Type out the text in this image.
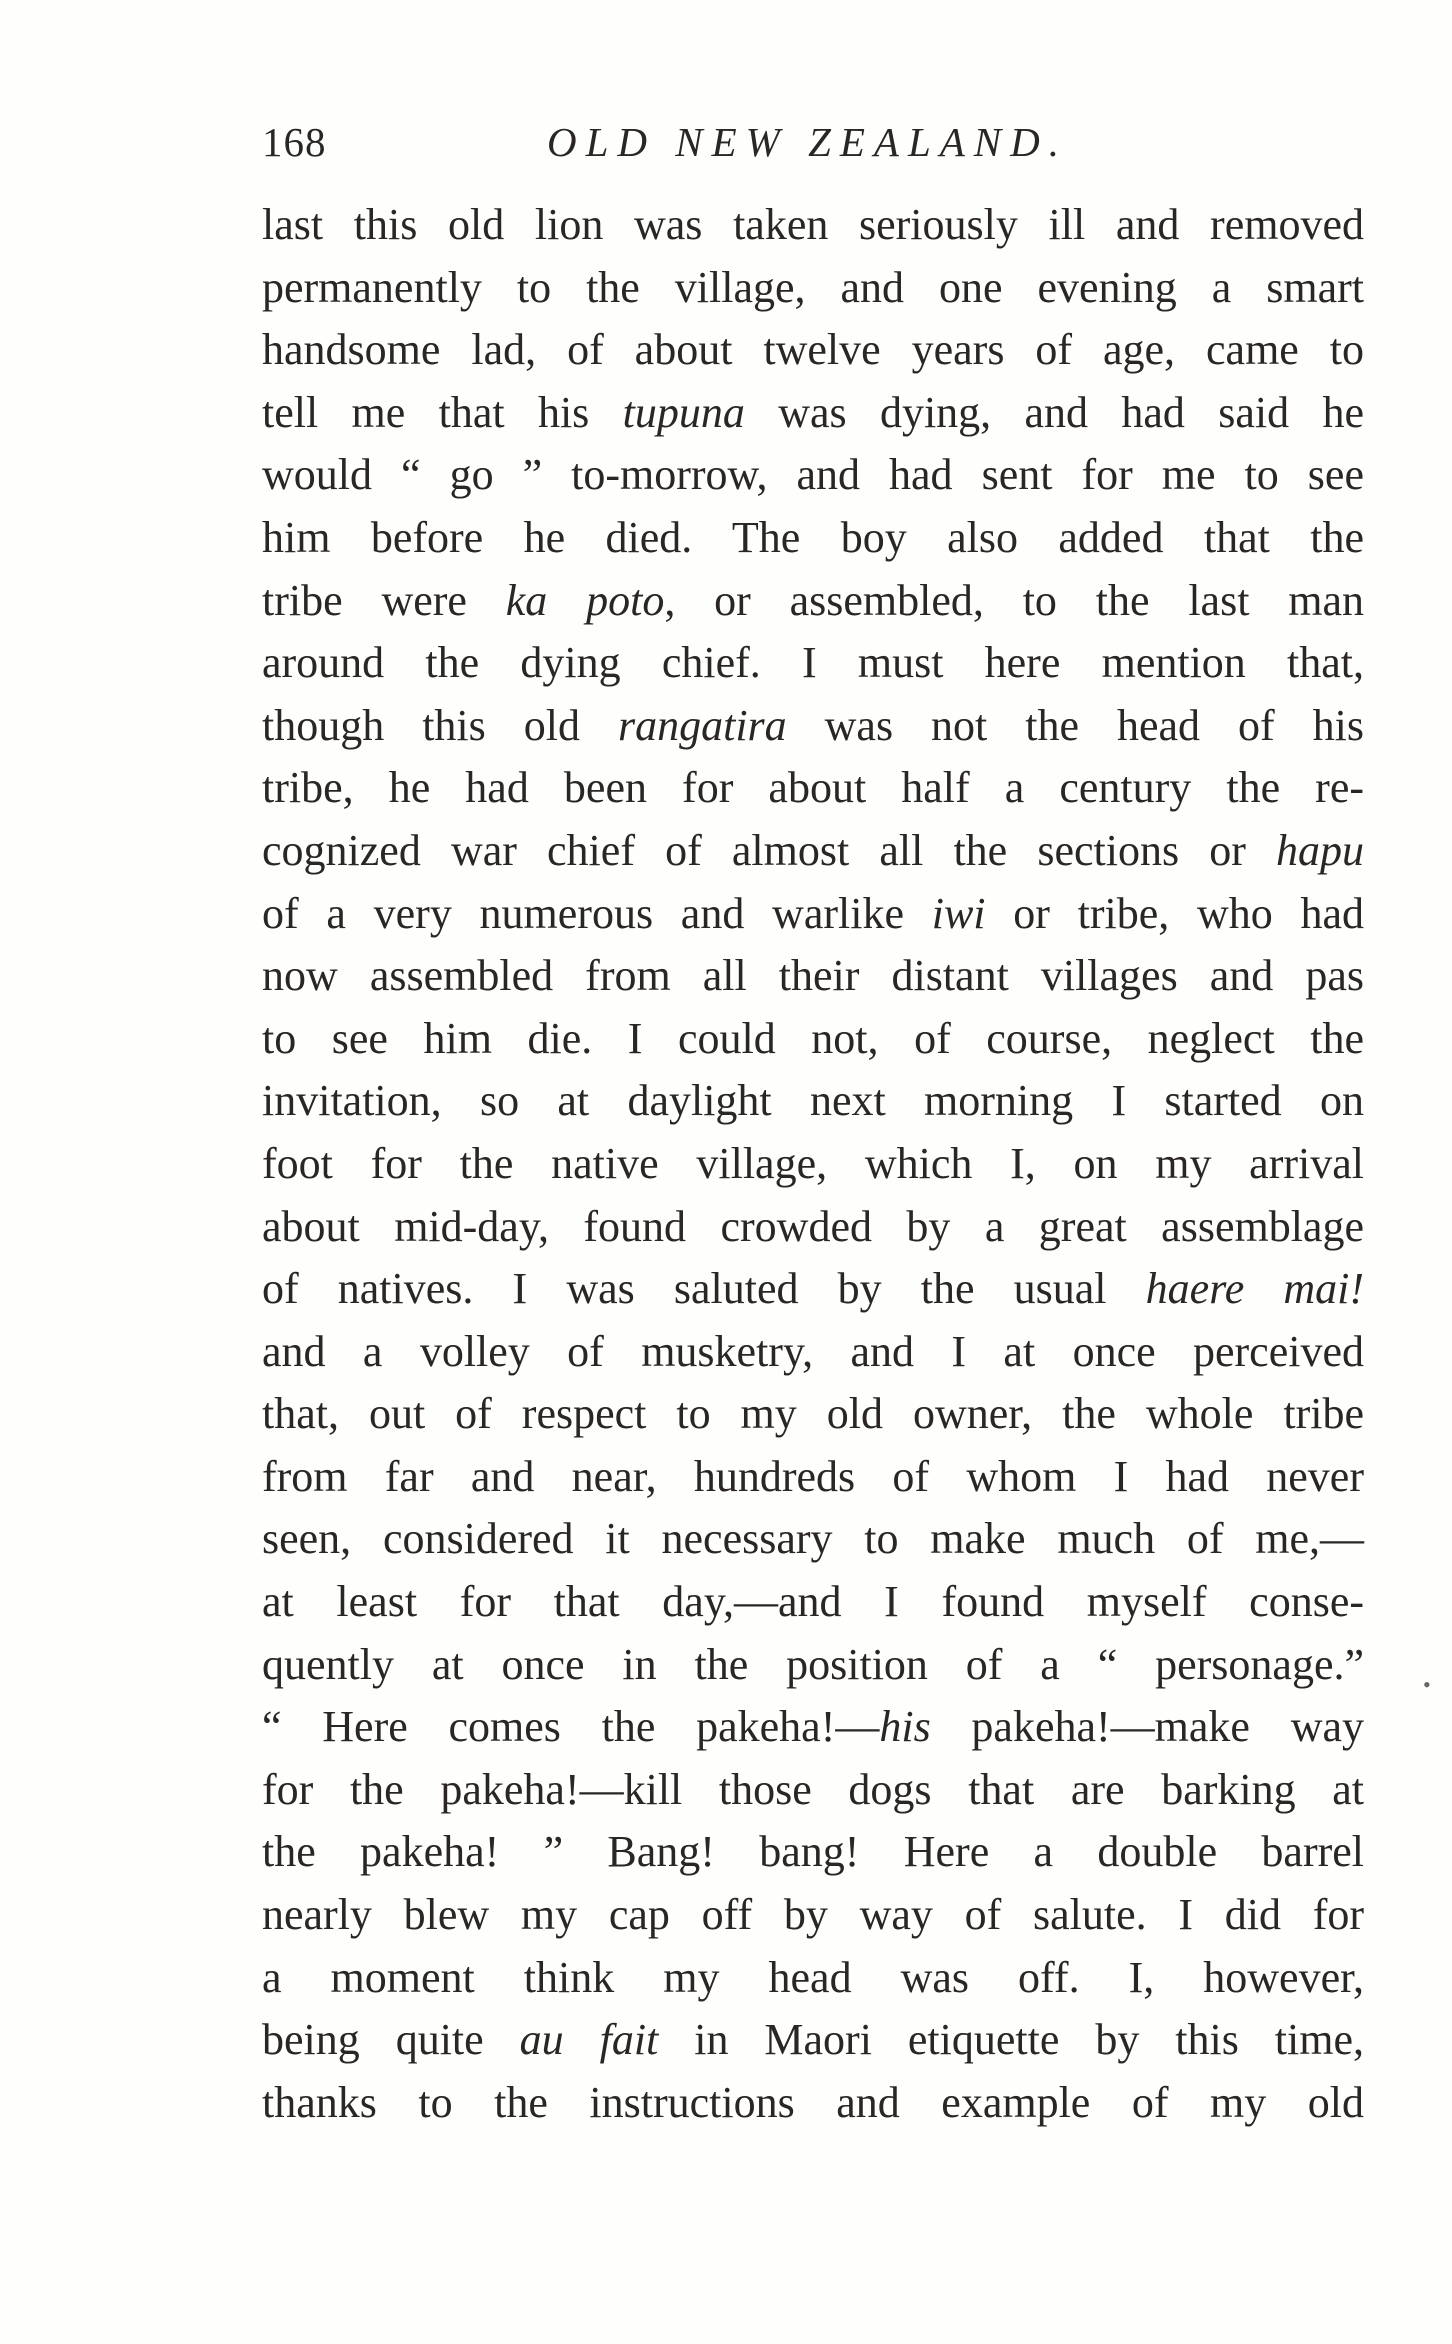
168	OLD NEW ZEALAND.
last this old lion was taken seriously ill and removed
permanently to the village, and one evening a smart
handsome lad, of about twelve years of age, came to
tell me that his tupuna was dying, and had said he
would “ go ” to-morrow, and had sent for me to see
him before he died. The boy also added that the
tribe were ka poto, or assembled, to the last man
around the dying chief. I must here mention that,
though this old rangatira was not the head of his
tribe, he had been for about half a century the re-
cognized war chief of almost all the sections or hapu
of a very numerous and warlike iwi or tribe, who had
now assembled from all their distant villages and pas
to see him die. I could not, of course, neglect the
invitation, so at daylight next morning I started on
foot for the native village, which I, on my arrival
about mid-day, found crowded by a great assemblage
of natives. I was saluted by the usual haere mai!
and a volley of musketry, and I at once perceived
that, out of respect to my old owner, the whole tribe
from far and near, hundreds of whom I had never
seen, considered it necessary to make much of me,—
at least for that day,—and I found myself conse-
quently at once in the position of a “ personage.”
“ Here comes the pakeha!—his pakeha!—make way
for the pakeha!—kill those dogs that are barking at
the pakeha! ” Bang! bang! Here a double barrel
nearly blew my cap off by way of salute. I did for
a moment think my head was off. I, however,
being quite au fait in Maori etiquette by this time,
thanks to the instructions and example of my old
•
